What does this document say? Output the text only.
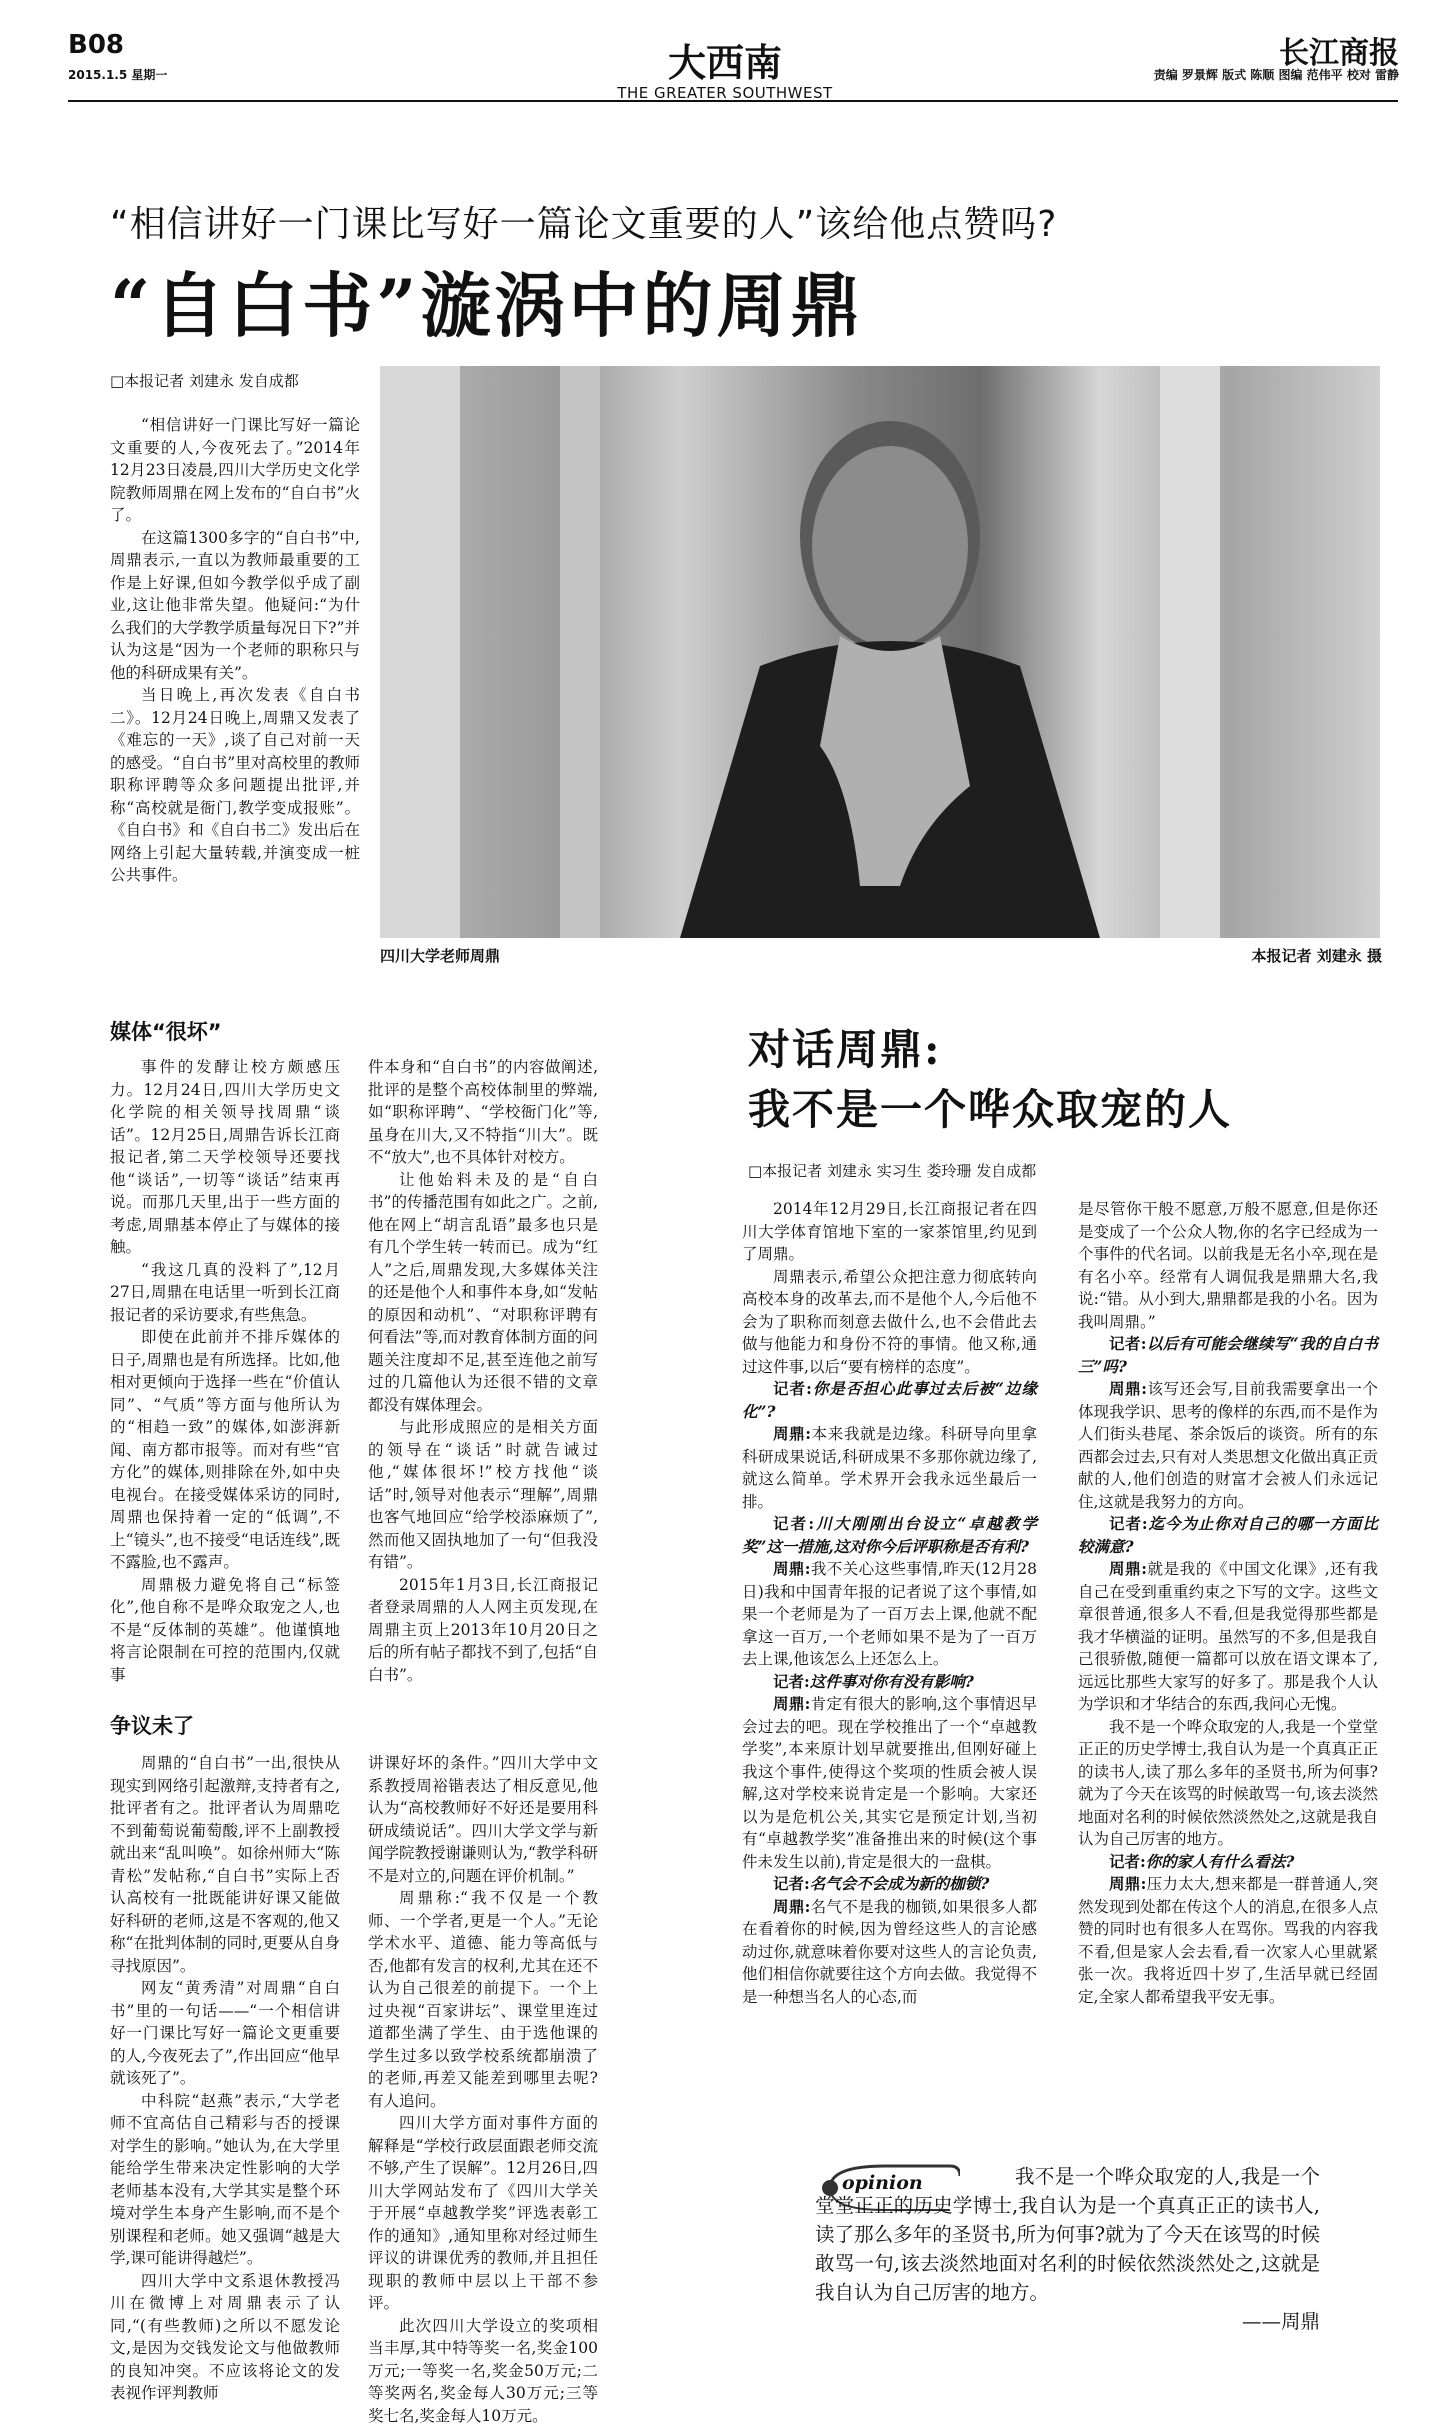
B08
2015.1.5 星期一	大西南
THE GREATER SOUTHWEST
长江商报
责编 罗景辉 版式 陈顺 图编 范伟平 校对 雷静
“相信讲好一门课比写好一篇论文重要的人”该给他点赞吗?
“自白书”漩涡中的周鼎
□本报记者 刘建永 发自成都

“相信讲好一门课比写好一篇论文重要的人,今夜死去了。”2014年12月23日凌晨,四川大学历史文化学院教师周鼎在网上发布的“自白书”火了。

在这篇1300多字的“自白书”中,周鼎表示,一直以为教师最重要的工作是上好课,但如今教学似乎成了副业,这让他非常失望。他疑问:“为什么我们的大学教学质量每况日下?”并认为这是“因为一个老师的职称只与他的科研成果有关”。

当日晚上,再次发表《自白书二》。12月24日晚上,周鼎又发表了《难忘的一天》,谈了自己对前一天的感受。“自白书”里对高校里的教师职称评聘等众多问题提出批评,并称“高校就是衙门,教学变成报账”。《自白书》和《自白书二》发出后在网络上引起大量转载,并演变成一桩公共事件。

四川大学老师周鼎	本报记者 刘建永 摄
媒体“很坏”

事件的发酵让校方颇感压力。12月24日,四川大学历史文化学院的相关领导找周鼎“谈话”。12月25日,周鼎告诉长江商报记者,第二天学校领导还要找他“谈话”,一切等“谈话”结束再说。而那几天里,出于一些方面的考虑,周鼎基本停止了与媒体的接触。

“我这几真的没料了”,12月27日,周鼎在电话里一听到长江商报记者的采访要求,有些焦急。

即使在此前并不排斥媒体的日子,周鼎也是有所选择。比如,他相对更倾向于选择一些在“价值认同”、“气质”等方面与他所认为的“相趋一致”的媒体,如澎湃新闻、南方都市报等。而对有些“官方化”的媒体,则排除在外,如中央电视台。在接受媒体采访的同时,周鼎也保持着一定的“低调”,不上“镜头”,也不接受“电话连线”,既不露脸,也不露声。

周鼎极力避免将自己“标签化”,他自称不是哗众取宠之人,也不是“反体制的英雄”。他谨慎地将言论限制在可控的范围内,仅就事

件本身和“自白书”的内容做阐述,批评的是整个高校体制里的弊端,如“职称评聘”、“学校衙门化”等,虽身在川大,又不特指“川大”。既不“放大”,也不具体针对校方。

让他始料未及的是“自白书”的传播范围有如此之广。之前,他在网上“胡言乱语”最多也只是有几个学生转一转而已。成为“红人”之后,周鼎发现,大多媒体关注的还是他个人和事件本身,如“发帖的原因和动机”、“对职称评聘有何看法”等,而对教育体制方面的问题关注度却不足,甚至连他之前写过的几篇他认为还很不错的文章都没有媒体理会。

与此形成照应的是相关方面的领导在“谈话”时就告诫过他,“媒体很坏!”校方找他“谈话”时,领导对他表示“理解”,周鼎也客气地回应“给学校添麻烦了”,然而他又固执地加了一句“但我没有错”。

2015年1月3日,长江商报记者登录周鼎的人人网主页发现,在周鼎主页上2013年10月20日之后的所有帖子都找不到了,包括“自白书”。

争议未了

周鼎的“自白书”一出,很快从现实到网络引起激辩,支持者有之,批评者有之。批评者认为周鼎吃不到葡萄说葡萄酸,评不上副教授就出来“乱叫唤”。如徐州师大“陈青松”发帖称,“自白书”实际上否认高校有一批既能讲好课又能做好科研的老师,这是不客观的,他又称“在批判体制的同时,更要从自身寻找原因”。

网友“黄秀清”对周鼎“自白书”里的一句话——“一个相信讲好一门课比写好一篇论文更重要的人,今夜死去了”,作出回应“他早就该死了”。

中科院“赵燕”表示,“大学老师不宜高估自己精彩与否的授课对学生的影响。”她认为,在大学里能给学生带来决定性影响的大学老师基本没有,大学其实是整个环境对学生本身产生影响,而不是个别课程和老师。她又强调“越是大学,课可能讲得越烂”。

四川大学中文系退休教授冯川在微博上对周鼎表示了认同,“(有些教师)之所以不愿发论文,是因为交钱发论文与他做教师的良知冲突。不应该将论文的发表视作评判教师

讲课好坏的条件。”四川大学中文系教授周裕锴表达了相反意见,他认为“高校教师好不好还是要用科研成绩说话”。四川大学文学与新闻学院教授谢谦则认为,“教学科研不是对立的,问题在评价机制。”

周鼎称:“我不仅是一个教师、一个学者,更是一个人。”无论学术水平、道德、能力等高低与否,他都有发言的权利,尤其在还不认为自己很差的前提下。一个上过央视“百家讲坛”、课堂里连过道都坐满了学生、由于选他课的学生过多以致学校系统都崩溃了的老师,再差又能差到哪里去呢?有人追问。

四川大学方面对事件方面的解释是“学校行政层面跟老师交流不够,产生了误解”。12月26日,四川大学网站发布了《四川大学关于开展“卓越教学奖”评选表彰工作的通知》,通知里称对经过师生评议的讲课优秀的教师,并且担任现职的教师中层以上干部不参评。

此次四川大学设立的奖项相当丰厚,其中特等奖一名,奖金100万元;一等奖一名,奖金50万元;二等奖两名,奖金每人30万元;三等奖七名,奖金每人10万元。

对话周鼎:
我不是一个哗众取宠的人
□本报记者 刘建永 实习生 娄玲珊 发自成都

2014年12月29日,长江商报记者在四川大学体育馆地下室的一家茶馆里,约见到了周鼎。

周鼎表示,希望公众把注意力彻底转向高校本身的改革去,而不是他个人,今后他不会为了职称而刻意去做什么,也不会借此去做与他能力和身份不符的事情。他又称,通过这件事,以后“要有榜样的态度”。

记者:你是否担心此事过去后被“边缘化”?

周鼎:本来我就是边缘。科研导向里拿科研成果说话,科研成果不多那你就边缘了,就这么简单。学术界开会我永远坐最后一排。

记者:川大刚刚出台设立“卓越教学奖”这一措施,这对你今后评职称是否有利?

周鼎:我不关心这些事情,昨天(12月28日)我和中国青年报的记者说了这个事情,如果一个老师是为了一百万去上课,他就不配拿这一百万,一个老师如果不是为了一百万去上课,他该怎么上还怎么上。

记者:这件事对你有没有影响?

周鼎:肯定有很大的影响,这个事情迟早会过去的吧。现在学校推出了一个“卓越教学奖”,本来原计划早就要推出,但刚好碰上我这个事件,使得这个奖项的性质会被人误解,这对学校来说肯定是一个影响。大家还以为是危机公关,其实它是预定计划,当初有“卓越教学奖”准备推出来的时候(这个事件未发生以前),肯定是很大的一盘棋。

记者:名气会不会成为新的枷锁?

周鼎:名气不是我的枷锁,如果很多人都在看着你的时候,因为曾经这些人的言论感动过你,就意味着你要对这些人的言论负责,他们相信你就要往这个方向去做。我觉得不是一种想当名人的心态,而

是尽管你干般不愿意,万般不愿意,但是你还是变成了一个公众人物,你的名字已经成为一个事件的代名词。以前我是无名小卒,现在是有名小卒。经常有人调侃我是鼎鼎大名,我说:“错。从小到大,鼎鼎都是我的小名。因为我叫周鼎。”

记者:以后有可能会继续写“我的自白书三”吗?

周鼎:该写还会写,目前我需要拿出一个体现我学识、思考的像样的东西,而不是作为人们街头巷尾、茶余饭后的谈资。所有的东西都会过去,只有对人类思想文化做出真正贡献的人,他们创造的财富才会被人们永远记住,这就是我努力的方向。

记者:迄今为止你对自己的哪一方面比较满意?

周鼎:就是我的《中国文化课》,还有我自己在受到重重约束之下写的文字。这些文章很普通,很多人不看,但是我觉得那些都是我才华横溢的证明。虽然写的不多,但是我自己很骄傲,随便一篇都可以放在语文课本了,远远比那些大家写的好多了。那是我个人认为学识和才华结合的东西,我问心无愧。

我不是一个哗众取宠的人,我是一个堂堂正正的历史学博士,我自认为是一个真真正正的读书人,读了那么多年的圣贤书,所为何事?就为了今天在该骂的时候敢骂一句,该去淡然地面对名利的时候依然淡然处之,这就是我自认为自己厉害的地方。

记者:你的家人有什么看法?

周鼎:压力太大,想来都是一群普通人,突然发现到处都在传这个人的消息,在很多人点赞的同时也有很多人在骂你。骂我的内容我不看,但是家人会去看,看一次家人心里就紧张一次。我将近四十岁了,生活早就已经固定,全家人都希望我平安无事。

opinion	我不是一个哗众取宠的人,我是一个堂堂正正的历史学博士,我自认为是一个真真正正的读书人,读了那么多年的圣贤书,所为何事?就为了今天在该骂的时候敢骂一句,该去淡然地面对名利的时候依然淡然处之,这就是我自认为自己厉害的地方。
——周鼎
